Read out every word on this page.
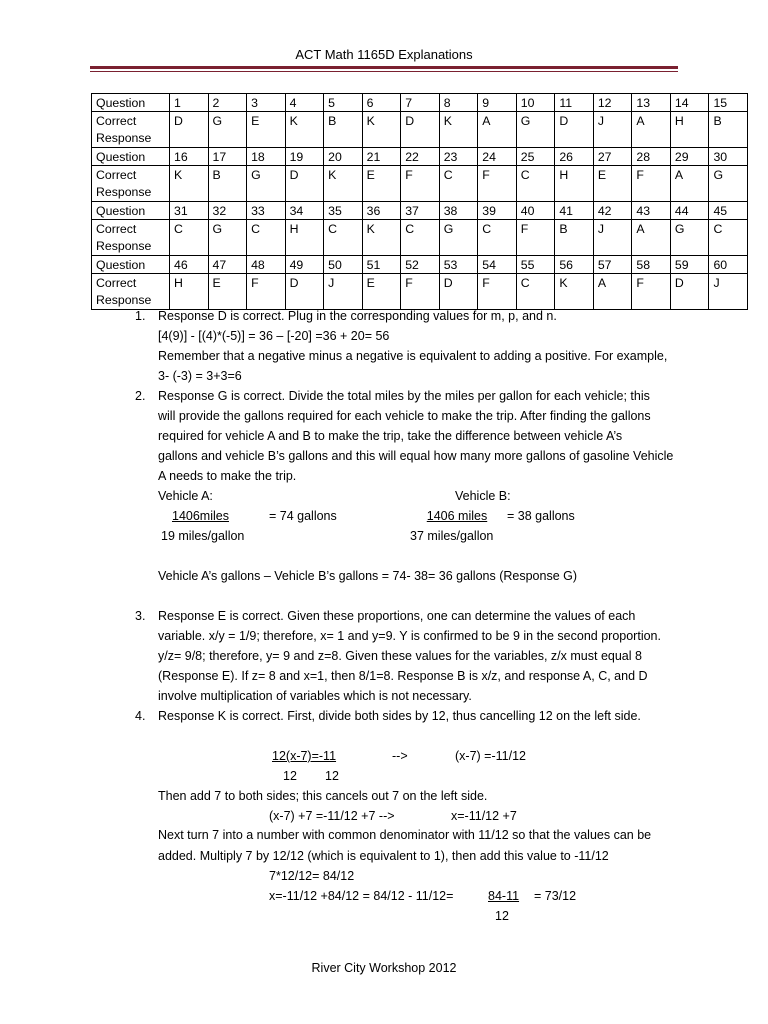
ACT Math 1165D Explanations
Question	1	2	3	4	5	6	7	8	9	10	11	12	13	14	15
Correct Response	D	G	E	K	B	K	D	K	A	G	D	J	A	H	B
Question	16	17	18	19	20	21	22	23	24	25	26	27	28	29	30
Correct Response	K	B	G	D	K	E	F	C	F	C	H	E	F	A	G
Question	31	32	33	34	35	36	37	38	39	40	41	42	43	44	45
Correct Response	C	G	C	H	C	K	C	G	C	F	B	J	A	G	C
Question	46	47	48	49	50	51	52	53	54	55	56	57	58	59	60
Correct Response	H	E	F	D	J	E	F	D	F	C	K	A	F	D	J
1. Response D is correct. Plug in the corresponding values for m, p, and n.
[4(9)] - [(4)*(-5)] = 36 – [-20] =36 + 20= 56
Remember that a negative minus a negative is equivalent to adding a positive. For example,
3- (-3) = 3+3=6
2. Response G is correct. Divide the total miles by the miles per gallon for each vehicle; this
will provide the gallons required for each vehicle to make the trip. After finding the gallons
required for vehicle A and B to make the trip, take the difference between vehicle A’s
gallons and vehicle B’s gallons and this will equal how many more gallons of gasoline Vehicle
A needs to make the trip.
Vehicle A:	Vehicle B:
1406miles	= 74 gallons	1406 miles	= 38 gallons
19 miles/gallon	37 miles/gallon
Vehicle A’s gallons – Vehicle B’s gallons = 74- 38= 36 gallons (Response G)
3. Response E is correct. Given these proportions, one can determine the values of each
variable. x/y = 1/9; therefore, x= 1 and y=9. Y is confirmed to be 9 in the second proportion.
y/z= 9/8; therefore, y= 9 and z=8. Given these values for the variables, z/x must equal 8
(Response E). If z= 8 and x=1, then 8/1=8. Response B is x/z, and response A, C, and D
involve multiplication of variables which is not necessary.
4. Response K is correct. First, divide both sides by 12, thus cancelling 12 on the left side.
12(x-7)=-11	-->	(x-7) =-11/12
12 12
Then add 7 to both sides; this cancels out 7 on the left side.
(x-7) +7 =-11/12 +7 -->	x=-11/12 +7
Next turn 7 into a number with common denominator with 11/12 so that the values can be
added. Multiply 7 by 12/12 (which is equivalent to 1), then add this value to -11/12
7*12/12= 84/12
x=-11/12 +84/12 = 84/12 - 11/12=	84-11 = 73/12
12
River City Workshop 2012
